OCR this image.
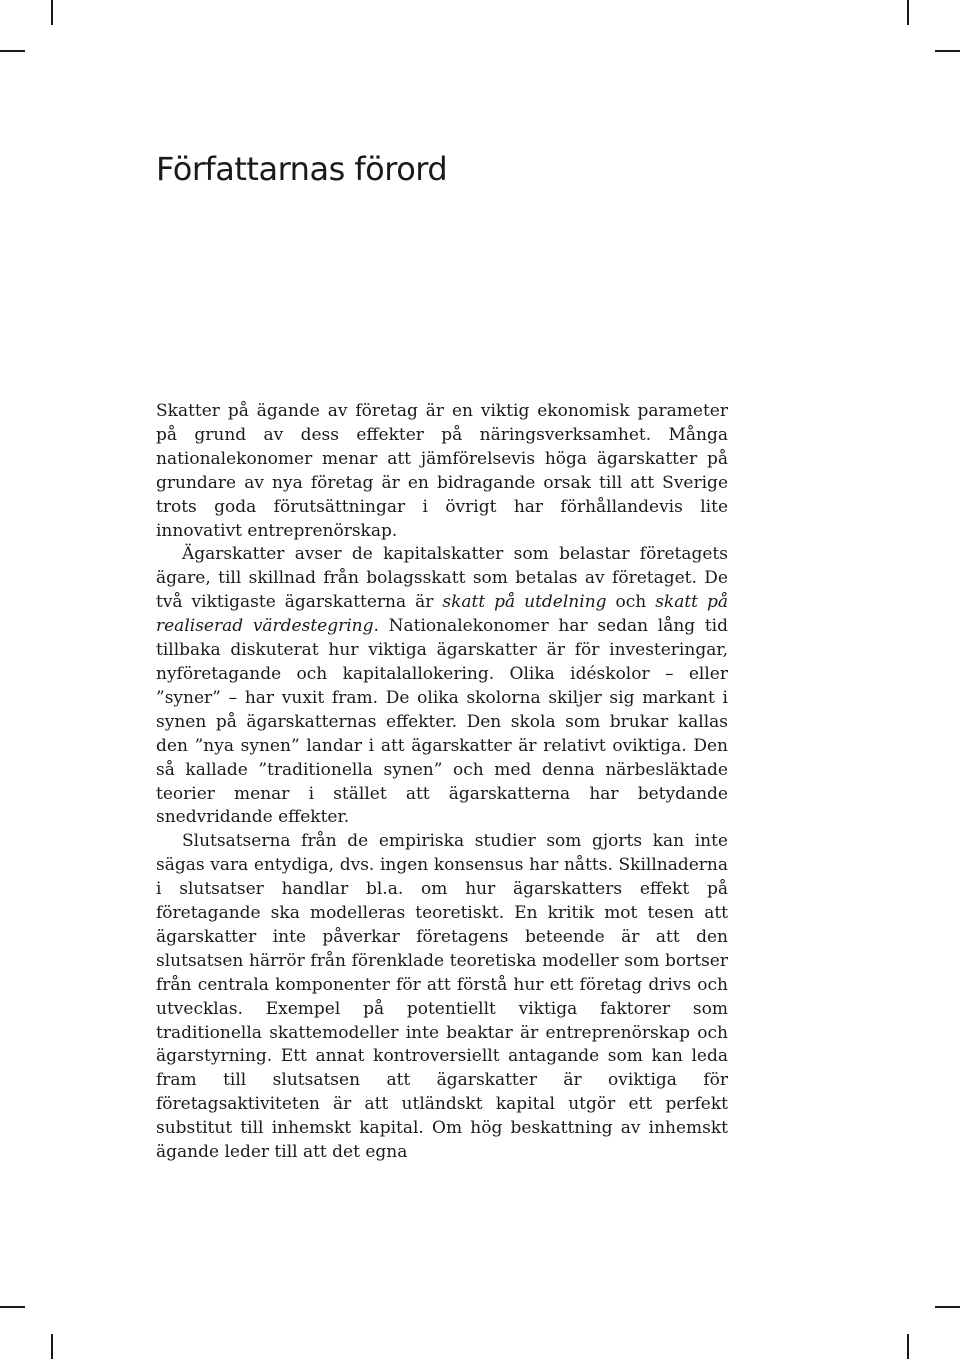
Författarnas förord

Skatter på ägande av företag är en viktig ekonomisk parameter på grund av dess effekter på näringsverksamhet. Många nationalekonomer menar att jämförelsevis höga ägarskatter på grundare av nya företag är en bidragande orsak till att Sverige trots goda förutsättningar i övrigt har förhållandevis lite innovativt entreprenörskap.

Ägarskatter avser de kapitalskatter som belastar företagets ägare, till skillnad från bolagsskatt som betalas av företaget. De två viktigaste ägarskatterna är skatt på utdelning och skatt på realiserad värdestegring. Nationalekonomer har sedan lång tid tillbaka diskuterat hur viktiga ägarskatter är för investeringar, nyföretagande och kapitalallokering. Olika idéskolor – eller ”syner” – har vuxit fram. De olika skolorna skiljer sig markant i synen på ägarskatternas effekter. Den skola som brukar kallas den ”nya synen” landar i att ägarskatter är relativt oviktiga. Den så kallade ”traditionella synen” och med denna närbesläktade teorier menar i stället att ägarskatterna har betydande snedvridande effekter.

Slutsatserna från de empiriska studier som gjorts kan inte sägas vara entydiga, dvs. ingen konsensus har nåtts. Skillnaderna i slutsatser handlar bl.a. om hur ägarskatters effekt på företagande ska modelleras teoretiskt. En kritik mot tesen att ägarskatter inte påverkar företagens beteende är att den slutsatsen härrör från förenklade teoretiska modeller som bortser från centrala komponenter för att förstå hur ett företag drivs och utvecklas. Exempel på potentiellt viktiga faktorer som traditionella skattemodeller inte beaktar är entreprenörskap och ägarstyrning. Ett annat kontroversiellt antagande som kan leda fram till slutsatsen att ägarskatter är oviktiga för företagsaktiviteten är att utländskt kapital utgör ett perfekt substitut till inhemskt kapital. Om hög beskattning av inhemskt ägande leder till att det egna
